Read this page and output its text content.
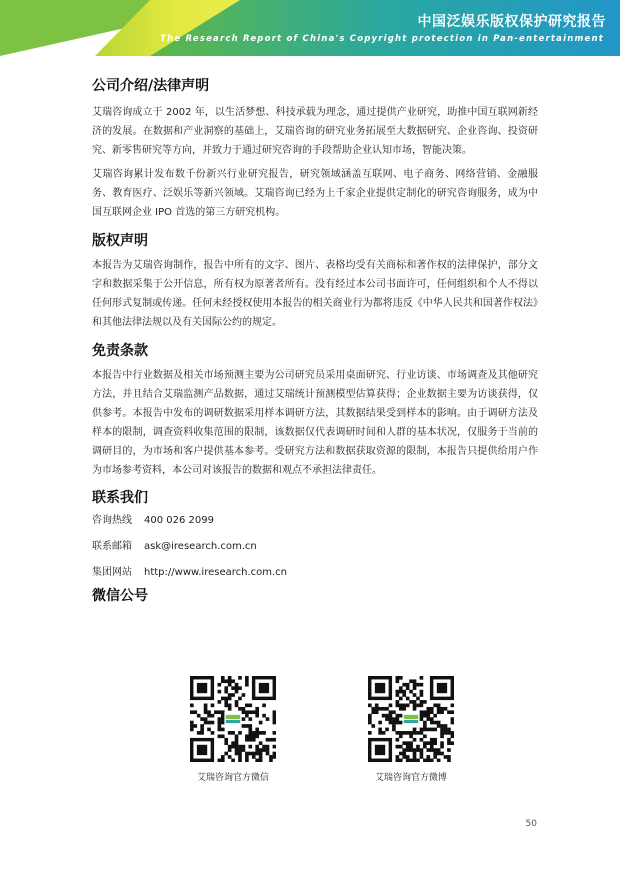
中国泛娱乐版权保护研究报告
The Research Report of China's Copyright protection in Pan-entertainment
公司介绍/法律声明

艾瑞咨询成立于 2002 年，以生活梦想、科技承载为理念，通过提供产业研究，助推中国互联网新经济的发展。在数据和产业洞察的基础上，艾瑞咨询的研究业务拓展至大数据研究、企业咨询、投资研究、新零售研究等方向，并致力于通过研究咨询的手段帮助企业认知市场，智能决策。

艾瑞咨询累计发布数千份新兴行业研究报告，研究领域涵盖互联网、电子商务、网络营销、金融服务、教育医疗、泛娱乐等新兴领域。艾瑞咨询已经为上千家企业提供定制化的研究咨询服务，成为中国互联网企业 IPO 首选的第三方研究机构。

版权声明

本报告为艾瑞咨询制作，报告中所有的文字、图片、表格均受有关商标和著作权的法律保护，部分文字和数据采集于公开信息，所有权为原著者所有。没有经过本公司书面许可，任何组织和个人不得以任何形式复制或传递。任何未经授权使用本报告的相关商业行为都将违反《中华人民共和国著作权法》和其他法律法规以及有关国际公约的规定。

免责条款

本报告中行业数据及相关市场预测主要为公司研究员采用桌面研究、行业访谈、市场调查及其他研究方法，并且结合艾瑞监测产品数据，通过艾瑞统计预测模型估算获得；企业数据主要为访谈获得，仅供参考。本报告中发布的调研数据采用样本调研方法，其数据结果受到样本的影响。由于调研方法及样本的限制，调查资料收集范围的限制，该数据仅代表调研时间和人群的基本状况，仅服务于当前的调研目的，为市场和客户提供基本参考。受研究方法和数据获取资源的限制，本报告只提供给用户作为市场参考资料，本公司对该报告的数据和观点不承担法律责任。

联系我们
咨询热线 400 026 2099
联系邮箱 ask@iresearch.com.cn
集团网站 http://www.iresearch.com.cn
微信公号
艾瑞咨询官方微信	艾瑞咨询官方微博
50
